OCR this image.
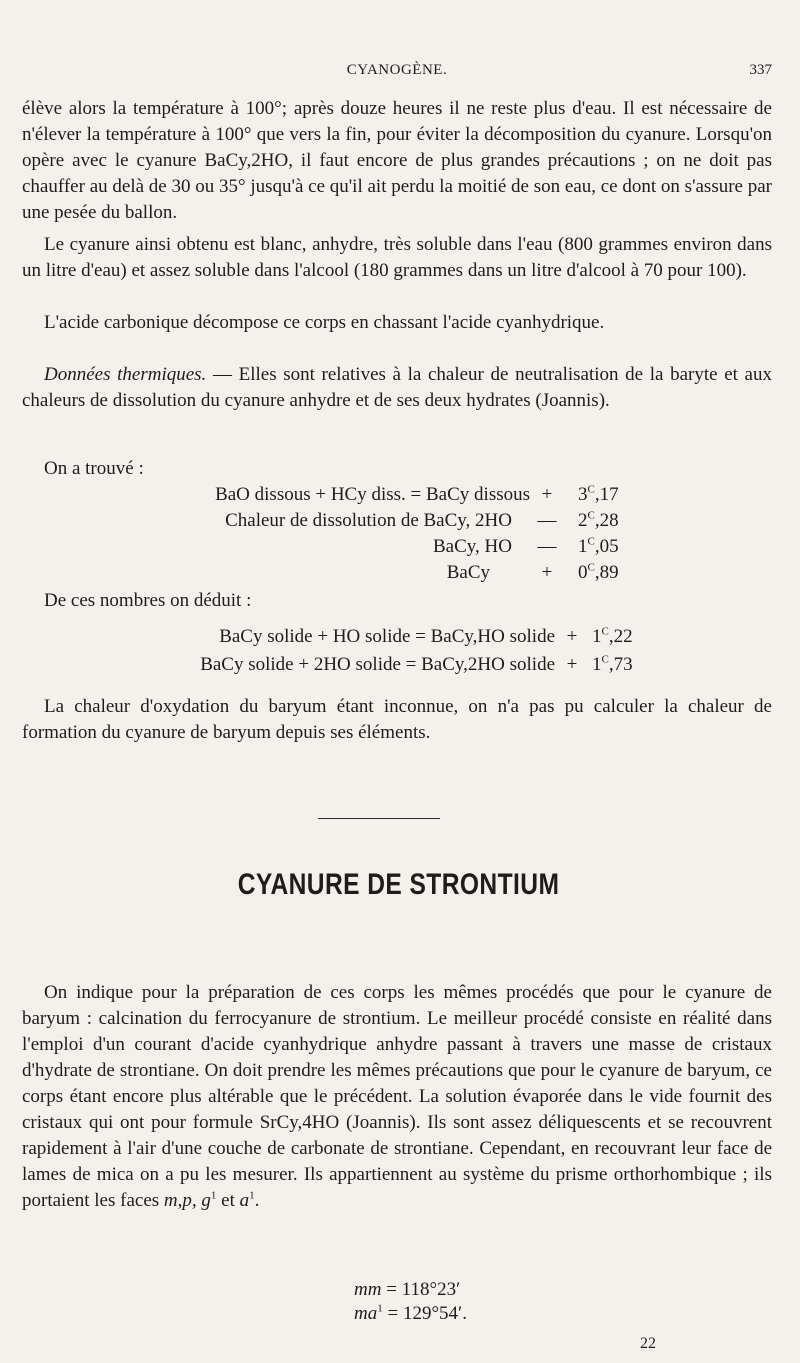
CYANOGÈNE.	337

élève alors la température à 100°; après douze heures il ne reste plus d'eau. Il est nécessaire de n'élever la température à 100° que vers la fin, pour éviter la décomposition du cyanure. Lorsqu'on opère avec le cyanure BaCy,2HO, il faut encore de plus grandes précautions ; on ne doit pas chauffer au delà de 30 ou 35° jusqu'à ce qu'il ait perdu la moitié de son eau, ce dont on s'assure par une pesée du ballon.

Le cyanure ainsi obtenu est blanc, anhydre, très soluble dans l'eau (800 grammes environ dans un litre d'eau) et assez soluble dans l'alcool (180 grammes dans un litre d'alcool à 70 pour 100).

L'acide carbonique décompose ce corps en chassant l'acide cyanhydrique.

Données thermiques. — Elles sont relatives à la chaleur de neutralisation de la baryte et aux chaleurs de dissolution du cyanure anhydre et de ses deux hydrates (Joannis).

On a trouvé :

BaO dissous + HCy diss. = BaCy dissous +	$3^C,17$
Chaleur de dissolution de BaCy, 2HO — $2^C,28$
BaCy, HO — $1^C,05$
BaCy	+	$0^C,89$

De ces nombres on déduit :

BaCy solide + HO solide = BaCy,HO solide + $1^C,22$
BaCy solide + 2HO solide = BaCy,2HO solide + $1^C,73$

La chaleur d'oxydation du baryum étant inconnue, on n'a pas pu calculer la chaleur de formation du cyanure de baryum depuis ses éléments.

CYANURE DE STRONTIUM

On indique pour la préparation de ces corps les mêmes procédés que pour le cyanure de baryum : calcination du ferrocyanure de strontium. Le meilleur procédé consiste en réalité dans l'emploi d'un courant d'acide cyanhydrique anhydre passant à travers une masse de cristaux d'hydrate de strontiane. On doit prendre les mêmes précautions que pour le cyanure de baryum, ce corps étant encore plus altérable que le précédent. La solution évaporée dans le vide fournit des cristaux qui ont pour formule SrCy,4HO (Joannis). Ils sont assez déliquescents et se recouvrent rapidement à l'air d'une couche de carbonate de strontiane. Cependant, en recouvrant leur face de lames de mica on a pu les mesurer. Ils appartiennent au système du prisme orthorhombique ; ils portaient les faces m,p, $g^1$ et $a^1$.

mm = 118°23′
$ma^1 = 129^\circ 54'$.
22
